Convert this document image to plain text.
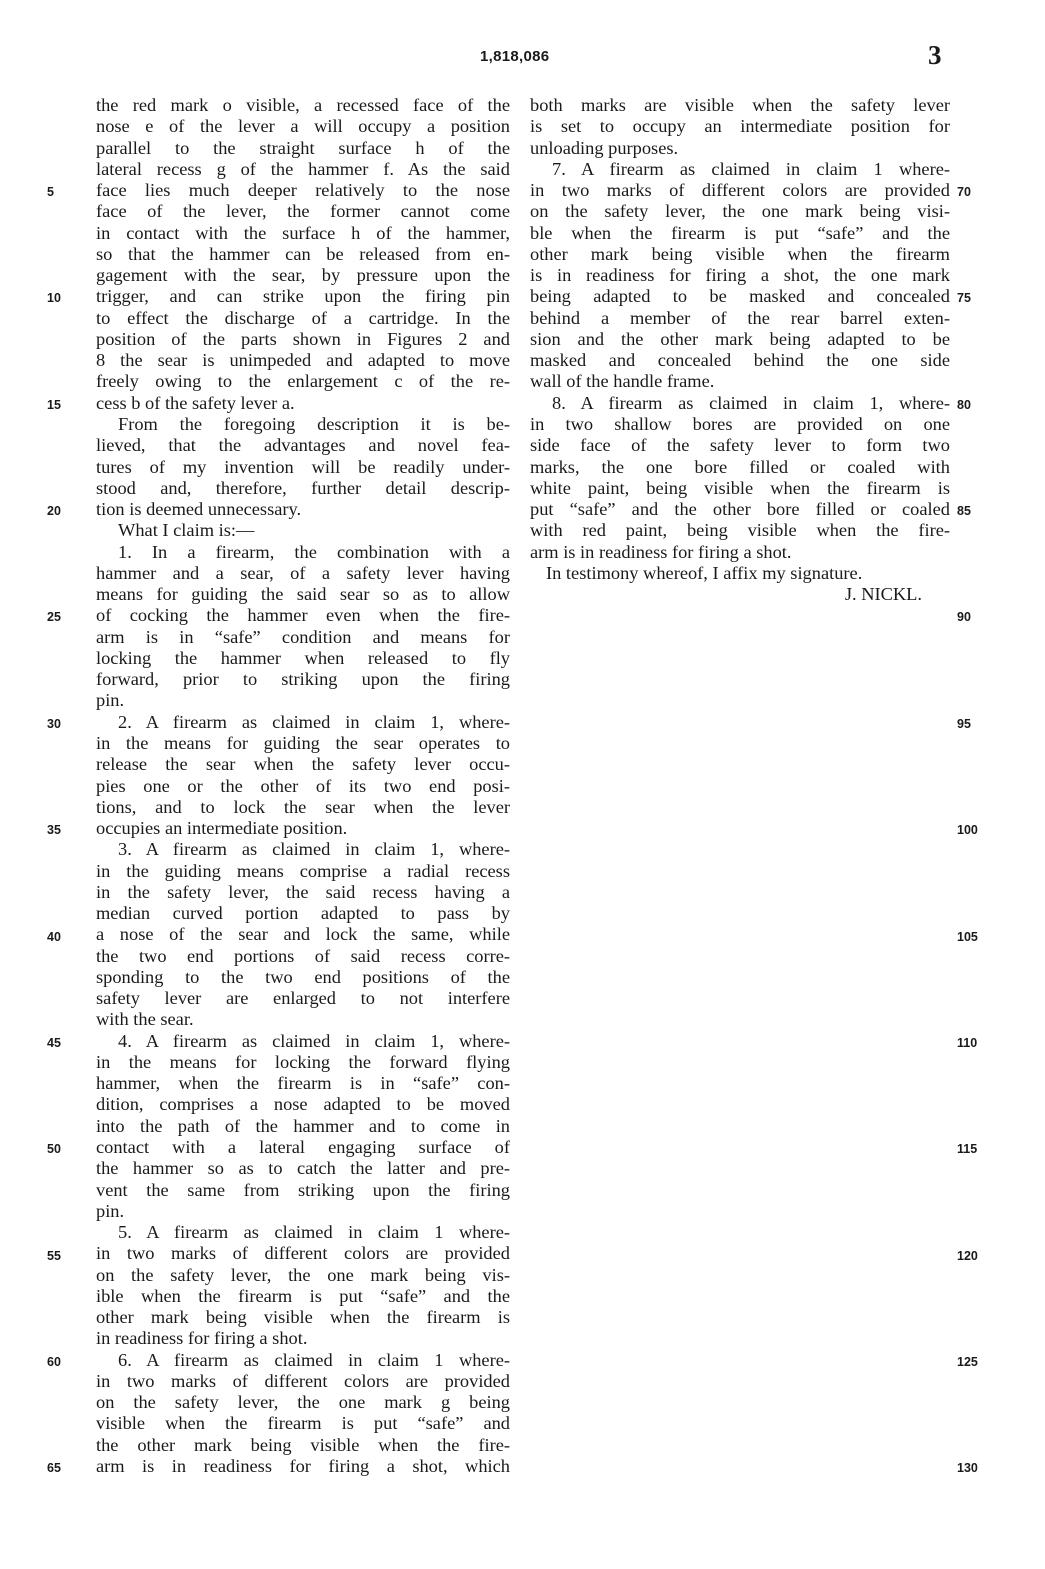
1,818,086	3
the red mark o visible, a recessed face of the
nose e of the lever a will occupy a position
parallel to the straight surface h of the
lateral recess g of the hammer f. As the said
face lies much deeper relatively to the nose
face of the lever, the former cannot come
in contact with the surface h of the hammer,
so that the hammer can be released from en-
gagement with the sear, by pressure upon the
trigger, and can strike upon the firing pin
to effect the discharge of a cartridge. In the
position of the parts shown in Figures 2 and
8 the sear is unimpeded and adapted to move
freely owing to the enlargement c of the re-
cess b of the safety lever a.
From the foregoing description it is be-
lieved, that the advantages and novel fea-
tures of my invention will be readily under-
stood and, therefore, further detail descrip-
tion is deemed unnecessary.
What I claim is:—
1. In a firearm, the combination with a
hammer and a sear, of a safety lever having
means for guiding the said sear so as to allow
of cocking the hammer even when the fire-
arm is in “safe” condition and means for
locking the hammer when released to fly
forward, prior to striking upon the firing
pin.
2. A firearm as claimed in claim 1, where-
in the means for guiding the sear operates to
release the sear when the safety lever occu-
pies one or the other of its two end posi-
tions, and to lock the sear when the lever
occupies an intermediate position.
3. A firearm as claimed in claim 1, where-
in the guiding means comprise a radial recess
in the safety lever, the said recess having a
median curved portion adapted to pass by
a nose of the sear and lock the same, while
the two end portions of said recess corre-
sponding to the two end positions of the
safety lever are enlarged to not interfere
with the sear.
4. A firearm as claimed in claim 1, where-
in the means for locking the forward flying
hammer, when the firearm is in “safe” con-
dition, comprises a nose adapted to be moved
into the path of the hammer and to come in
contact with a lateral engaging surface of
the hammer so as to catch the latter and pre-
vent the same from striking upon the firing
pin.
5. A firearm as claimed in claim 1 where-
in two marks of different colors are provided
on the safety lever, the one mark being vis-
ible when the firearm is put “safe” and the
other mark being visible when the firearm is
in readiness for firing a shot.
6. A firearm as claimed in claim 1 where-
in two marks of different colors are provided
on the safety lever, the one mark g being
visible when the firearm is put “safe” and
the other mark being visible when the fire-
arm is in readiness for firing a shot, which
both marks are visible when the safety lever
is set to occupy an intermediate position for
unloading purposes.
7. A firearm as claimed in claim 1 where-
in two marks of different colors are provided
on the safety lever, the one mark being visi-
ble when the firearm is put “safe” and the
other mark being visible when the firearm
is in readiness for firing a shot, the one mark
being adapted to be masked and concealed
behind a member of the rear barrel exten-
sion and the other mark being adapted to be
masked and concealed behind the one side
wall of the handle frame.
8. A firearm as claimed in claim 1, where-
in two shallow bores are provided on one
side face of the safety lever to form two
marks, the one bore filled or coaled with
white paint, being visible when the firearm is
put “safe” and the other bore filled or coaled
with red paint, being visible when the fire-
arm is in readiness for firing a shot.
In testimony whereof, I affix my signature.
J. NICKL.
5
10
15
20
25
30
35
40
45
50
55
60
65
70
75
80
85
90
95
100
105
110
115
120
125
130
